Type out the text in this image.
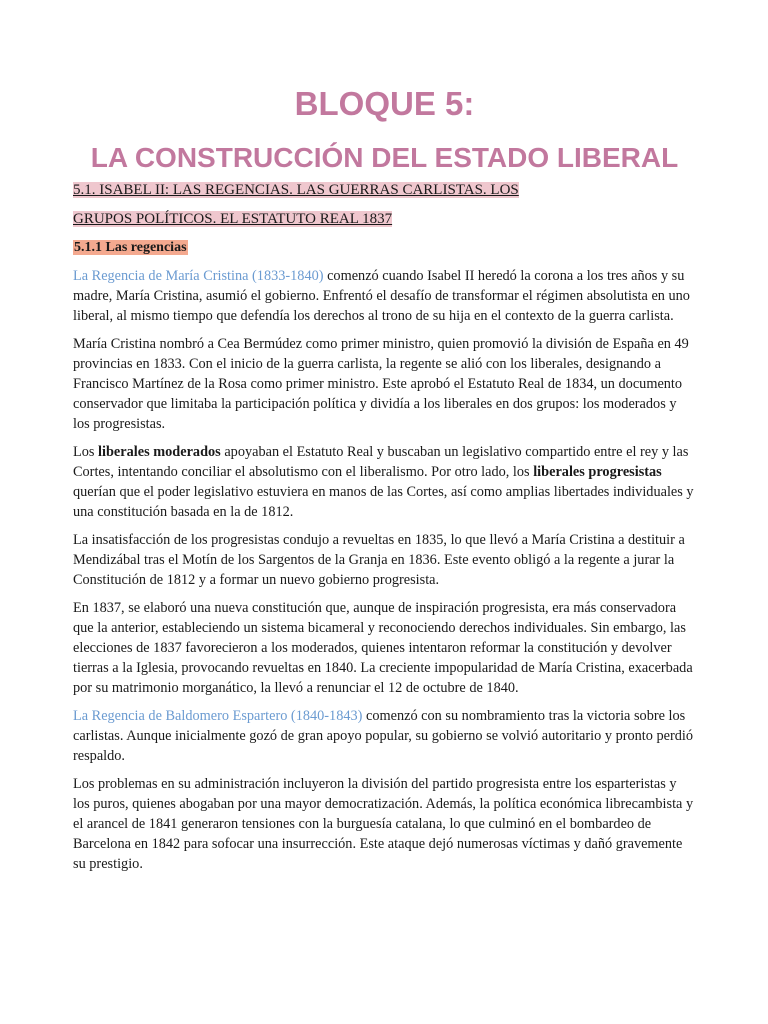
BLOQUE 5:
LA CONSTRUCCIÓN DEL ESTADO LIBERAL
5.1. ISABEL II: LAS REGENCIAS. LAS GUERRAS CARLISTAS. LOS
GRUPOS POLÍTICOS. EL ESTATUTO REAL 1837
5.1.1 Las regencias

La Regencia de María Cristina (1833-1840) comenzó cuando Isabel II heredó la corona a los tres años y su madre, María Cristina, asumió el gobierno. Enfrentó el desafío de transformar el régimen absolutista en uno liberal, al mismo tiempo que defendía los derechos al trono de su hija en el contexto de la guerra carlista.

María Cristina nombró a Cea Bermúdez como primer ministro, quien promovió la división de España en 49 provincias en 1833. Con el inicio de la guerra carlista, la regente se alió con los liberales, designando a Francisco Martínez de la Rosa como primer ministro. Este aprobó el Estatuto Real de 1834, un documento conservador que limitaba la participación política y dividía a los liberales en dos grupos: los moderados y los progresistas.

Los liberales moderados apoyaban el Estatuto Real y buscaban un legislativo compartido entre el rey y las Cortes, intentando conciliar el absolutismo con el liberalismo. Por otro lado, los liberales progresistas querían que el poder legislativo estuviera en manos de las Cortes, así como amplias libertades individuales y una constitución basada en la de 1812.

La insatisfacción de los progresistas condujo a revueltas en 1835, lo que llevó a María Cristina a destituir a Mendizábal tras el Motín de los Sargentos de la Granja en 1836. Este evento obligó a la regente a jurar la Constitución de 1812 y a formar un nuevo gobierno progresista.

En 1837, se elaboró una nueva constitución que, aunque de inspiración progresista, era más conservadora que la anterior, estableciendo un sistema bicameral y reconociendo derechos individuales. Sin embargo, las elecciones de 1837 favorecieron a los moderados, quienes intentaron reformar la constitución y devolver tierras a la Iglesia, provocando revueltas en 1840. La creciente impopularidad de María Cristina, exacerbada por su matrimonio morganático, la llevó a renunciar el 12 de octubre de 1840.

La Regencia de Baldomero Espartero (1840-1843) comenzó con su nombramiento tras la victoria sobre los carlistas. Aunque inicialmente gozó de gran apoyo popular, su gobierno se volvió autoritario y pronto perdió respaldo.

Los problemas en su administración incluyeron la división del partido progresista entre los esparteristas y los puros, quienes abogaban por una mayor democratización. Además, la política económica librecambista y el arancel de 1841 generaron tensiones con la burguesía catalana, lo que culminó en el bombardeo de Barcelona en 1842 para sofocar una insurrección. Este ataque dejó numerosas víctimas y dañó gravemente su prestigio.
